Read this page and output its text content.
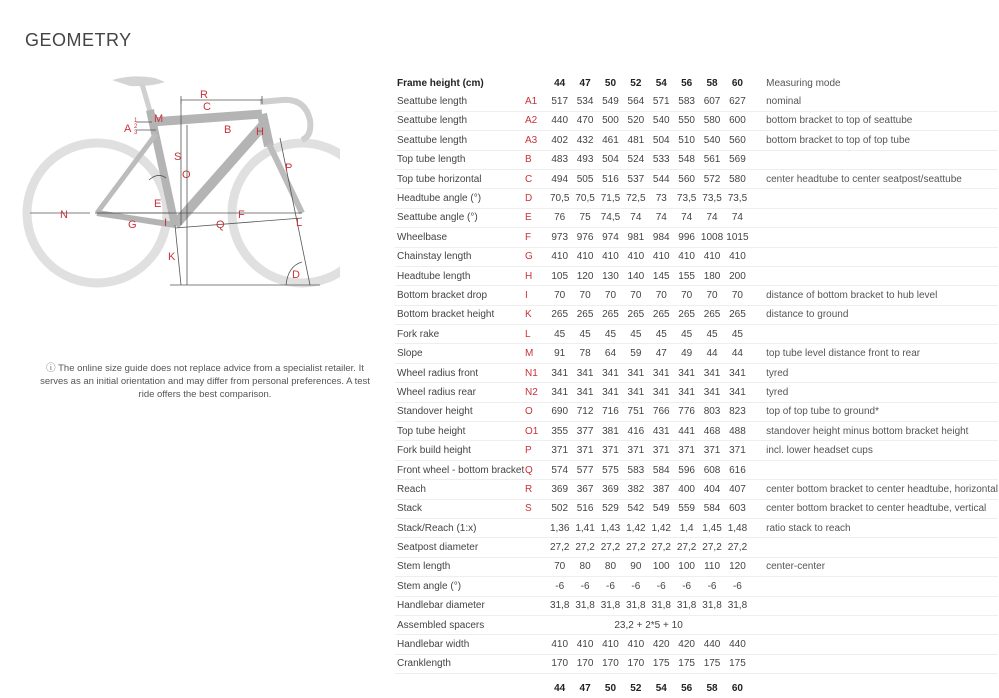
GEOMETRY
R
C
M
A
1
2
3	B H
S
O
P
E
N
G
F
I	Q	L
K
D
ⓘ The online size guide does not replace advice from a specialist retailer. It serves as an initial orientation and may differ from personal preferences. A test ride offers the best comparison.
Frame height (cm)		44	47	50	52	54	56	58	60	Measuring mode
Seattube length	A1	517	534	549	564	571	583	607	627	nominal
Seattube length	A2	440	470	500	520	540	550	580	600	bottom bracket to top of seattube
Seattube length	A3	402	432	461	481	504	510	540	560	bottom bracket to top of top tube
Top tube length	B	483	493	504	524	533	548	561	569	
Top tube horizontal	C	494	505	516	537	544	560	572	580	center headtube to center seatpost/seattube
Headtube angle (°)	D	70,5	70,5	71,5	72,5	73	73,5	73,5	73,5	
Seattube angle (°)	E	76	75	74,5	74	74	74	74	74	
Wheelbase	F	973	976	974	981	984	996	1008	1015	
Chainstay length	G	410	410	410	410	410	410	410	410	
Headtube length	H	105	120	130	140	145	155	180	200	
Bottom bracket drop	I	70	70	70	70	70	70	70	70	distance of bottom bracket to hub level
Bottom bracket height	K	265	265	265	265	265	265	265	265	distance to ground
Fork rake	L	45	45	45	45	45	45	45	45	
Slope	M	91	78	64	59	47	49	44	44	top tube level distance front to rear
Wheel radius front	N1	341	341	341	341	341	341	341	341	tyred
Wheel radius rear	N2	341	341	341	341	341	341	341	341	tyred
Standover height	O	690	712	716	751	766	776	803	823	top of top tube to ground*
Top tube height	O1	355	377	381	416	431	441	468	488	standover height minus bottom bracket height
Fork build height	P	371	371	371	371	371	371	371	371	incl. lower headset cups
Front wheel - bottom bracket	Q	574	577	575	583	584	596	608	616	
Reach	R	369	367	369	382	387	400	404	407	center bottom bracket to center headtube, horizontal
Stack	S	502	516	529	542	549	559	584	603	center bottom bracket to center headtube, vertical
Stack/Reach (1:x)		1,36	1,41	1,43	1,42	1,42	1,4	1,45	1,48	ratio stack to reach
Seatpost diameter		27,2	27,2	27,2	27,2	27,2	27,2	27,2	27,2	
Stem length		70	80	80	90	100	100	110	120	center-center
Stem angle (°)		-6	-6	-6	-6	-6	-6	-6	-6	
Handlebar diameter		31,8	31,8	31,8	31,8	31,8	31,8	31,8	31,8	
Assembled spacers		23,2 + 2*5 + 10								
Handlebar width		410	410	410	410	420	420	440	440	
Cranklength		170	170	170	170	175	175	175	175	
		44	47	50	52	54	56	58	60	
